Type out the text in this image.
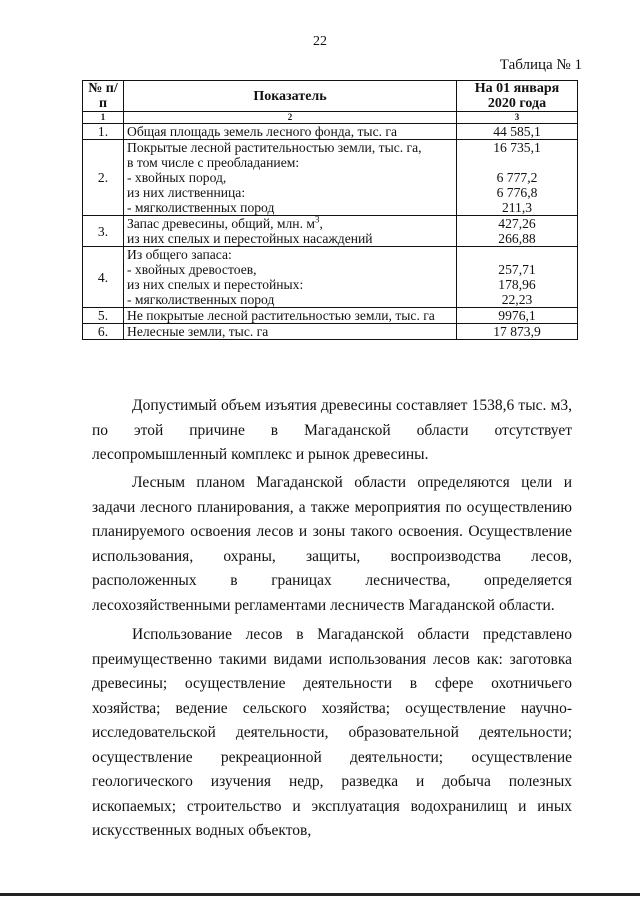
22
Таблица № 1
№ п/п	Показатель	На 01 января 2020 года
1	2	3
1.	Общая площадь земель лесного фонда, тыс. га	44 585,1
2.	Покрытые лесной растительностью земли, тыс. га,	16 735,1
	в том числе с преобладанием:	
	- хвойных пород,	6 777,2
	из них лиственница:	6 776,8
	- мягколиственных пород	211,3
3.	Запас древесины, общий, млн. $м^3$,	427,26
	из них спелых и перестойных насаждений	266,88
4.	Из общего запаса:	
	- хвойных древостоев,	257,71
	из них спелых и перестойных:	178,96
	- мягколиственных пород	22,23
5.	Не покрытые лесной растительностью земли, тыс. га	9976,1
6.	Нелесные земли, тыс. га	17 873,9

Допустимый объем изъятия древесины составляет 1538,6 тыс. м3, по этой причине в Магаданской области отсутствует лесопромышленный комплекс и рынок древесины.

Лесным планом Магаданской области определяются цели и задачи лесного планирования, а также мероприятия по осуществлению планируемого освоения лесов и зоны такого освоения. Осуществление использования, охраны, защиты, воспроизводства лесов, расположенных в границах лесничества, определяется лесохозяйственными регламентами лесничеств Магаданской области.

Использование лесов в Магаданской области представлено преимущественно такими видами использования лесов как: заготовка древесины; осуществление деятельности в сфере охотничьего хозяйства; ведение сельского хозяйства; осуществление научно-исследовательской деятельности, образовательной деятельности; осуществление рекреационной деятельности; осуществление геологического изучения недр, разведка и добыча полезных ископаемых; строительство и эксплуатация водохранилищ и иных искусственных водных объектов,
